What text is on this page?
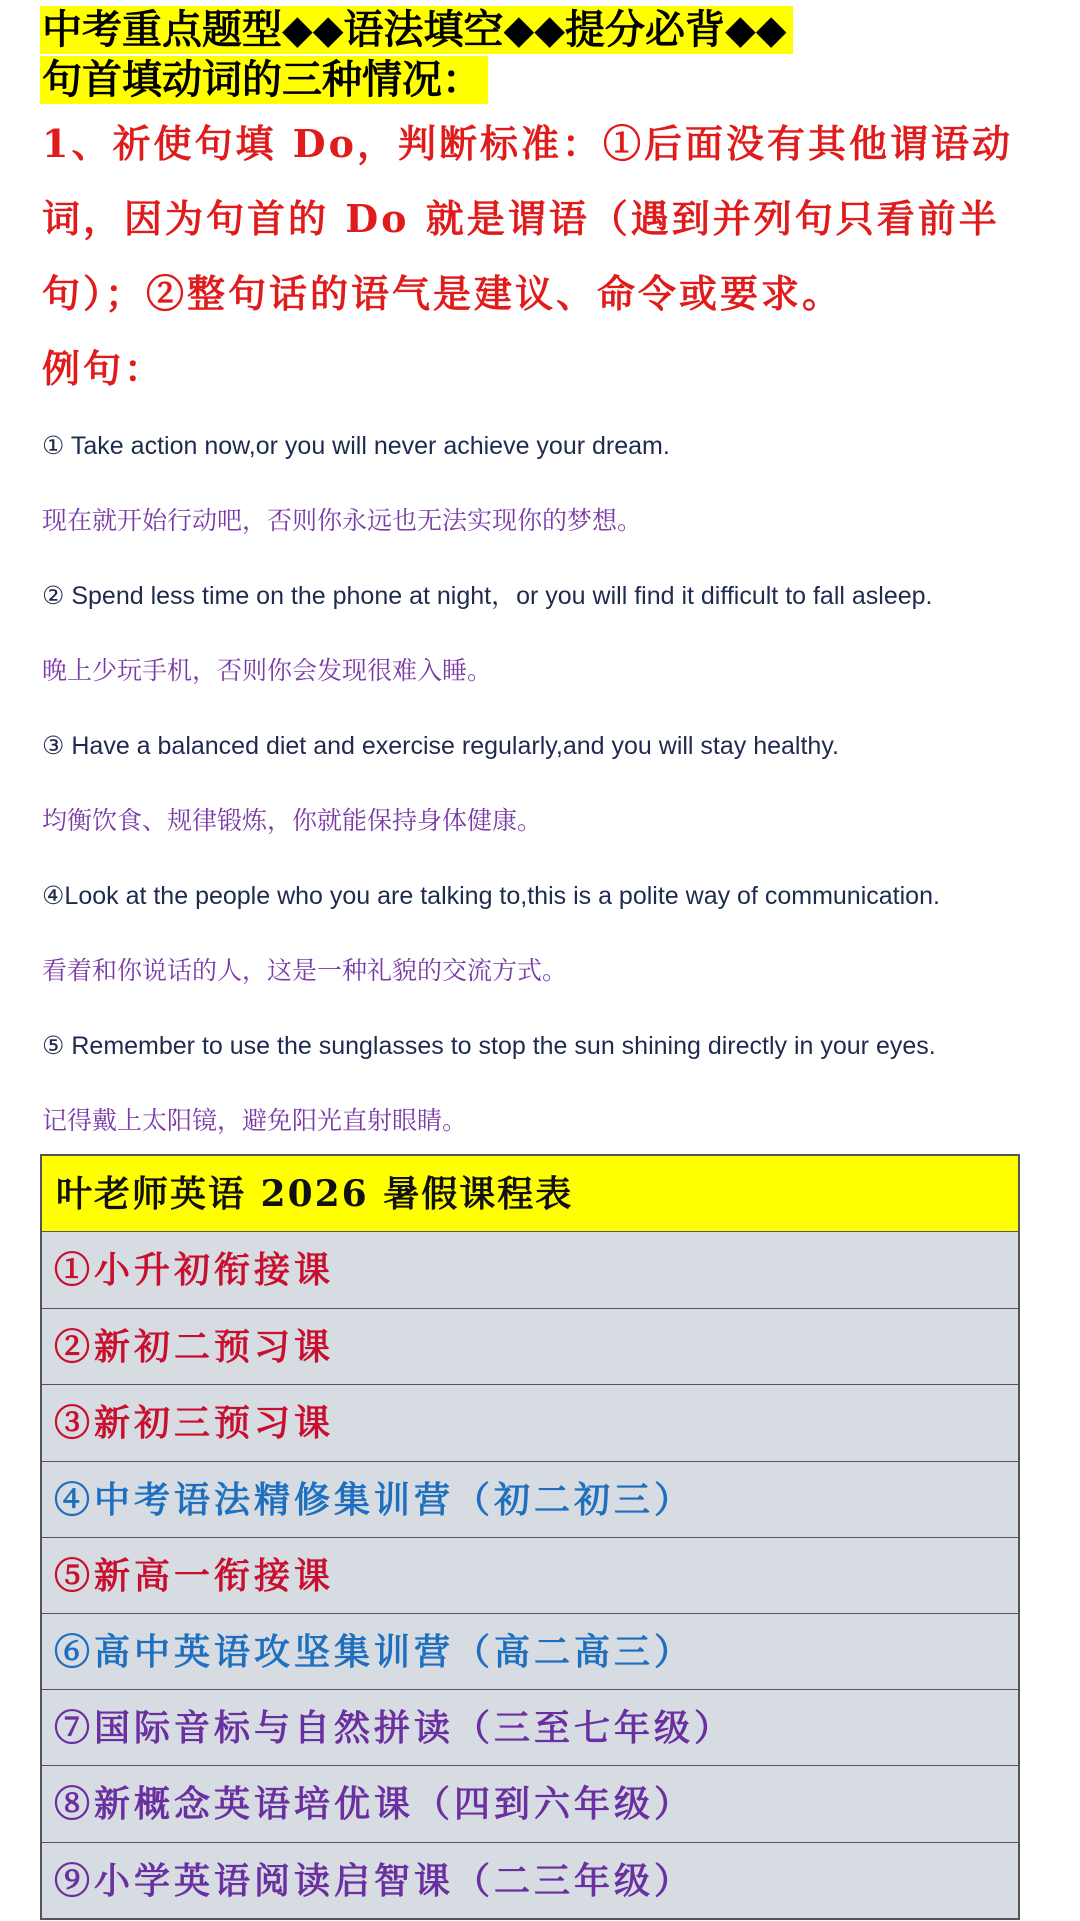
中考重点题型◆◆语法填空◆◆提分必背◆◆
句首填动词的三种情况：
1、祈使句填 Do，判断标准：①后面没有其他谓语动
词，因为句首的 Do 就是谓语（遇到并列句只看前半
句）；②整句话的语气是建议、命令或要求。
例句：
① Take action now,or you will never achieve your dream.
现在就开始行动吧，否则你永远也无法实现你的梦想。
② Spend less time on the phone at night，or you will find it difficult to fall asleep.
晚上少玩手机，否则你会发现很难入睡。
③ Have a balanced diet and exercise regularly,and you will stay healthy.
均衡饮食、规律锻炼，你就能保持身体健康。
④Look at the people who you are talking to,this is a polite way of communication.
看着和你说话的人，这是一种礼貌的交流方式。
⑤ Remember to use the sunglasses to stop the sun shining directly in your eyes.
记得戴上太阳镜，避免阳光直射眼睛。
叶老师英语 2026 暑假课程表
①小升初衔接课
②新初二预习课
③新初三预习课
④中考语法精修集训营（初二初三）
⑤新高一衔接课
⑥高中英语攻坚集训营（高二高三）
⑦国际音标与自然拼读（三至七年级）
⑧新概念英语培优课（四到六年级）
⑨小学英语阅读启智课（二三年级）
